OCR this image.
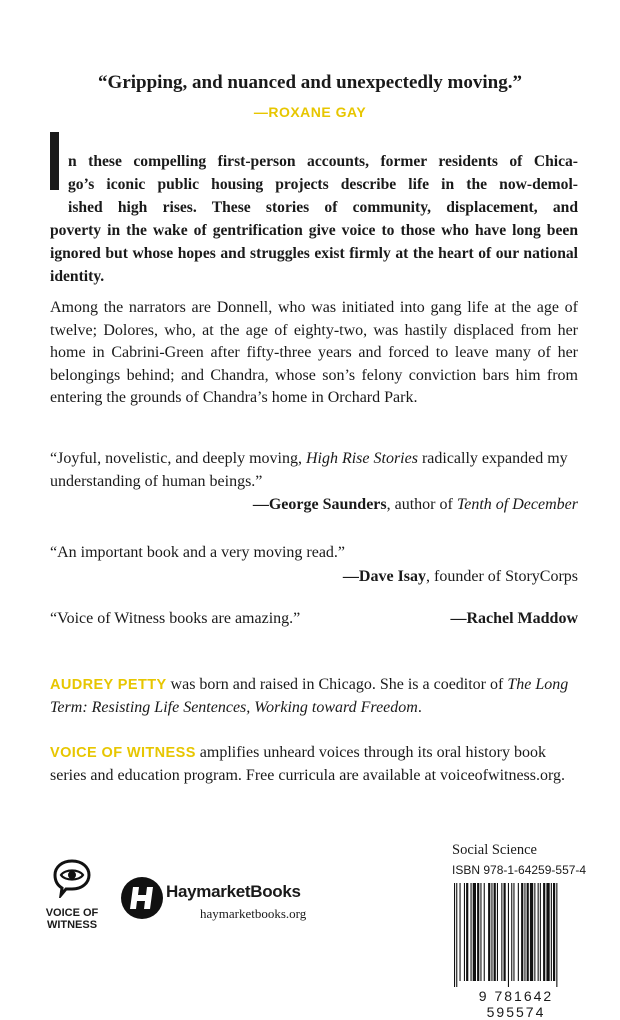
“Gripping, and nuanced and unexpectedly moving.”
—ROXANE GAY

n these compelling first-person accounts, former residents of Chica-

go’s iconic public housing projects describe life in the now-demol-

ished high rises. These stories of community, displacement, and

poverty in the wake of gentrification give voice to those who have long been ignored but whose hopes and struggles exist firmly at the heart of our national identity.

Among the narrators are Donnell, who was initiated into gang life at the age of twelve; Dolores, who, at the age of eighty-two, was hastily displaced from her home in Cabrini-Green after fifty-three years and forced to leave many of her belongings behind; and Chandra, whose son’s felony conviction bars him from entering the grounds of Chandra’s home in Orchard Park.
“Joyful, novelistic, and deeply moving, High Rise Stories radically expanded my understanding of human beings.”
—George Saunders, author of Tenth of December
“An important book and a very moving read.”
—Dave Isay, founder of StoryCorps
“Voice of Witness books are amazing.”	—Rachel Maddow
AUDREY PETTY was born and raised in Chicago. She is a coeditor of The Long Term: Resisting Life Sentences, Working toward Freedom.
VOICE OF WITNESS amplifies unheard voices through its oral history book series and education program. Free curricula are available at voiceofwitness.org.
VOICE OF
WITNESS
HaymarketBooks
haymarketbooks.org
Social Science
ISBN 978-1-64259-557-4
9 781642 595574
